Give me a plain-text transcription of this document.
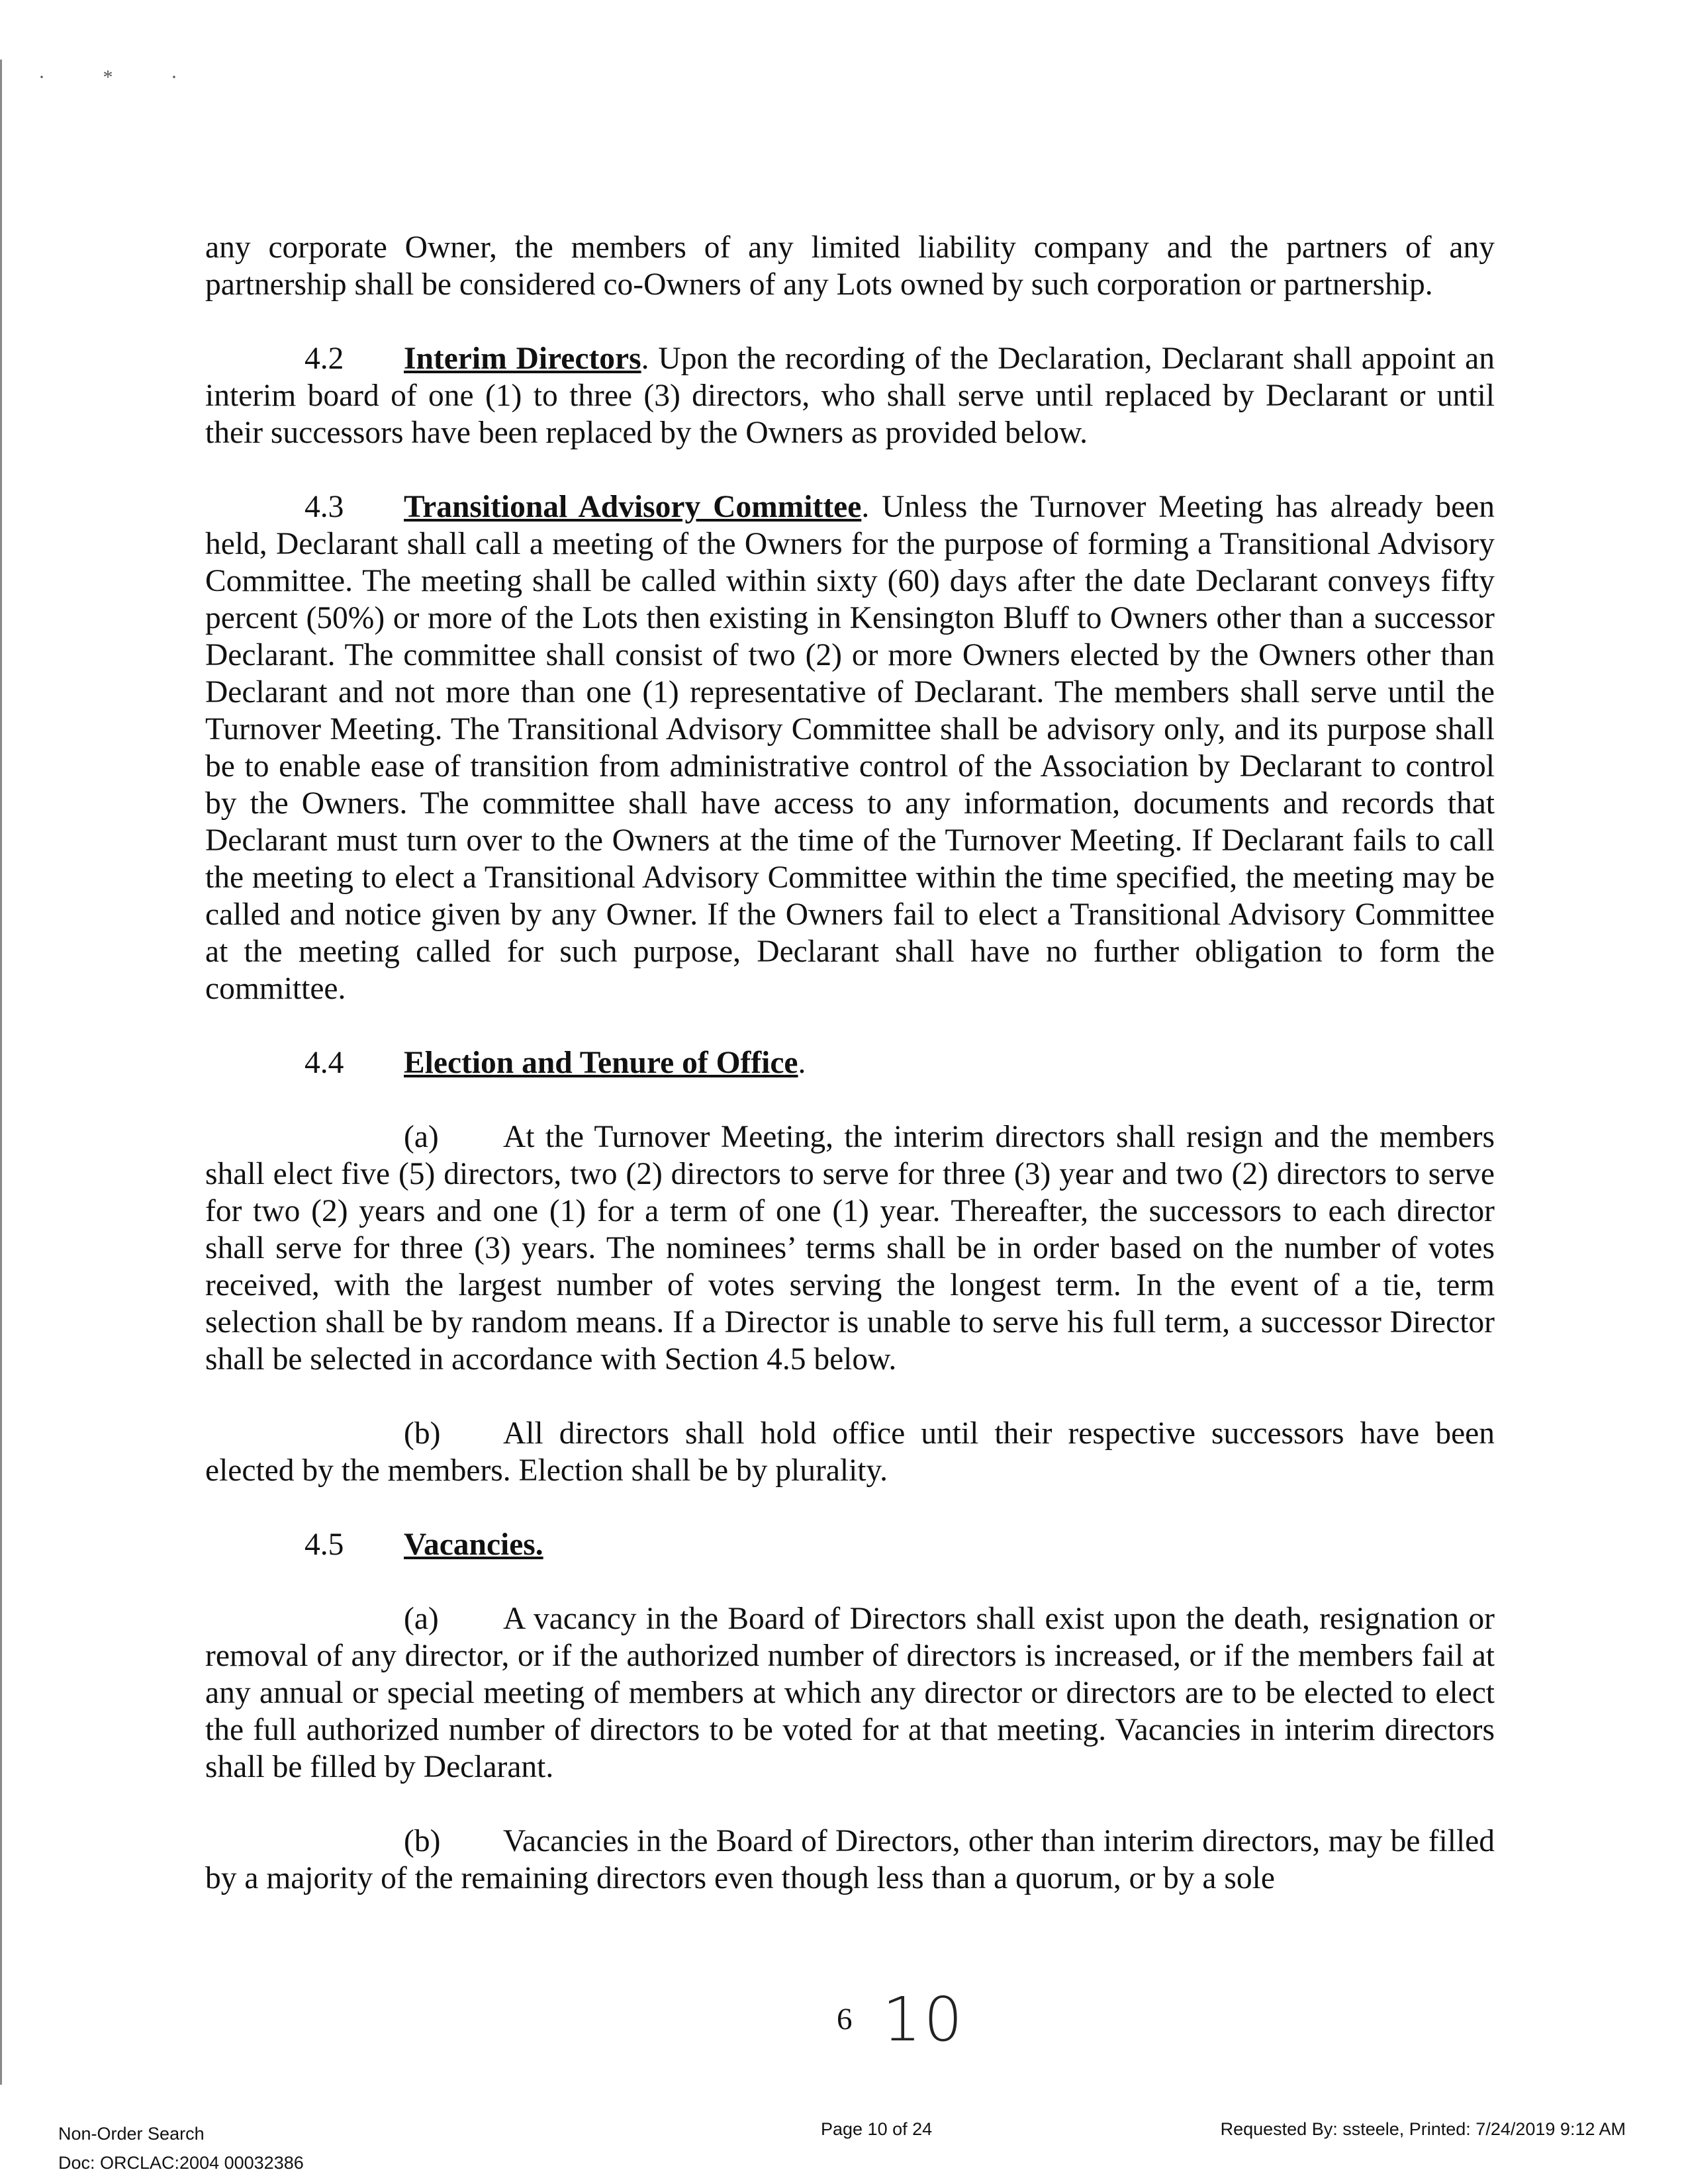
· * ·

any corporate Owner, the members of any limited liability company and the partners of any partnership shall be considered co-Owners of any Lots owned by such corporation or partnership.

4.2 Interim Directors. Upon the recording of the Declaration, Declarant shall appoint an interim board of one (1) to three (3) directors, who shall serve until replaced by Declarant or until their successors have been replaced by the Owners as provided below.

4.3 Transitional Advisory Committee. Unless the Turnover Meeting has already been held, Declarant shall call a meeting of the Owners for the purpose of forming a Transitional Advisory Committee. The meeting shall be called within sixty (60) days after the date Declarant conveys fifty percent (50%) or more of the Lots then existing in Kensington Bluff to Owners other than a successor Declarant. The committee shall consist of two (2) or more Owners elected by the Owners other than Declarant and not more than one (1) representative of Declarant. The members shall serve until the Turnover Meeting. The Transitional Advisory Committee shall be advisory only, and its purpose shall be to enable ease of transition from administrative control of the Association by Declarant to control by the Owners. The committee shall have access to any information, documents and records that Declarant must turn over to the Owners at the time of the Turnover Meeting. If Declarant fails to call the meeting to elect a Transitional Advisory Committee within the time specified, the meeting may be called and notice given by any Owner. If the Owners fail to elect a Transitional Advisory Committee at the meeting called for such purpose, Declarant shall have no further obligation to form the committee.

4.4 Election and Tenure of Office.

(a) At the Turnover Meeting, the interim directors shall resign and the members shall elect five (5) directors, two (2) directors to serve for three (3) year and two (2) directors to serve for two (2) years and one (1) for a term of one (1) year. Thereafter, the successors to each director shall serve for three (3) years. The nominees’ terms shall be in order based on the number of votes received, with the largest number of votes serving the longest term. In the event of a tie, term selection shall be by random means. If a Director is unable to serve his full term, a successor Director shall be selected in accordance with Section 4.5 below.

(b) All directors shall hold office until their respective successors have been elected by the members. Election shall be by plurality.

4.5 Vacancies.

(a) A vacancy in the Board of Directors shall exist upon the death, resignation or removal of any director, or if the authorized number of directors is increased, or if the members fail at any annual or special meeting of members at which any director or directors are to be elected to elect the full authorized number of directors to be voted for at that meeting. Vacancies in interim directors shall be filled by Declarant.

(b) Vacancies in the Board of Directors, other than interim directors, may be filled by a majority of the remaining directors even though less than a quorum, or by a sole

6 10
Non-Order Search
Doc: ORCLAC:2004 00032386
Page 10 of 24	Requested By: ssteele, Printed: 7/24/2019 9:12 AM
